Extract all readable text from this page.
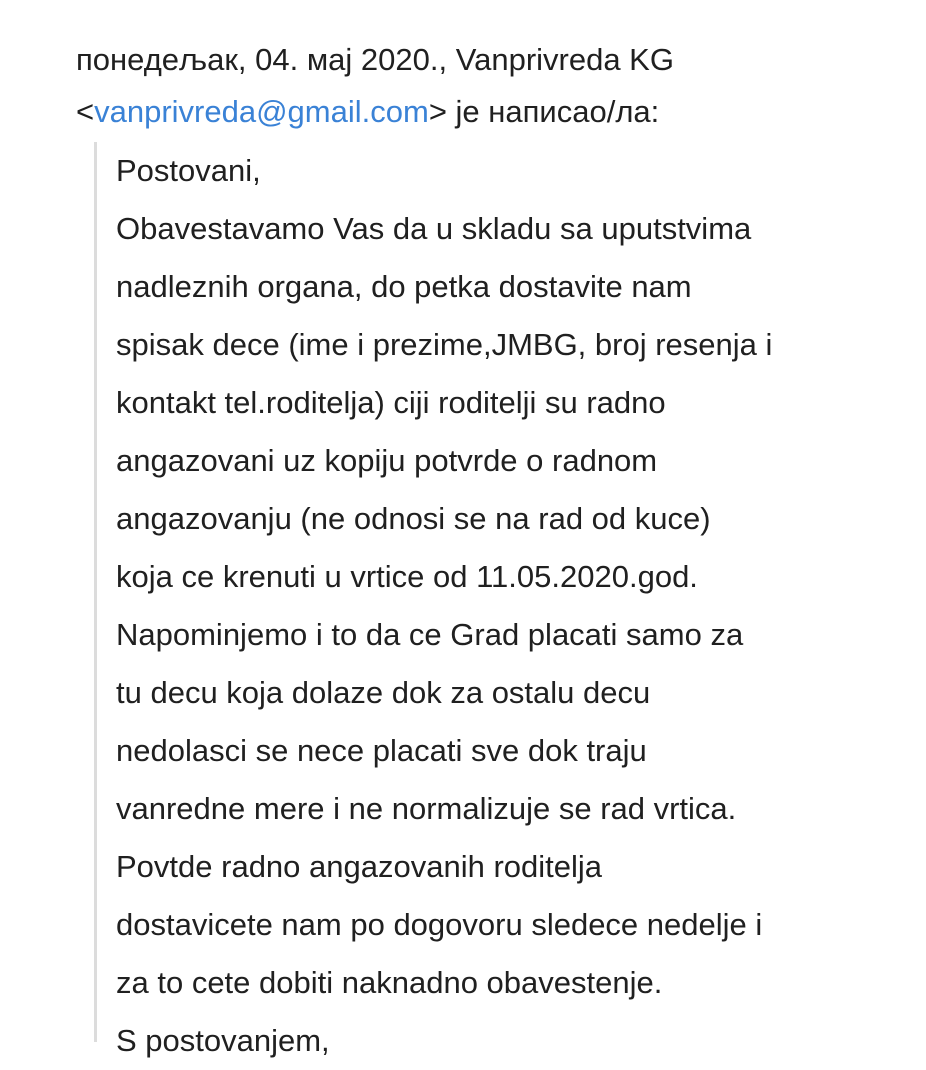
понедељак, 04. мај 2020., Vanprivreda KG
<vanprivreda@gmail.com> је написао/ла:
Postovani,
Obavestavamo Vas da u skladu sa uputstvima
nadleznih organa, do petka dostavite nam
spisak dece (ime i prezime,JMBG, broj resenja i
kontakt tel.roditelja) ciji roditelji su radno
angazovani uz kopiju potvrde o radnom
angazovanju (ne odnosi se na rad od kuce)
koja ce krenuti u vrtice od 11.05.2020.god.
Napominjemo i to da ce Grad placati samo za
tu decu koja dolaze dok za ostalu decu
nedolasci se nece placati sve dok traju
vanredne mere i ne normalizuje se rad vrtica.
Povtde radno angazovanih roditelja
dostavicete nam po dogovoru sledece nedelje i
za to cete dobiti naknadno obavestenje.
S postovanjem,
